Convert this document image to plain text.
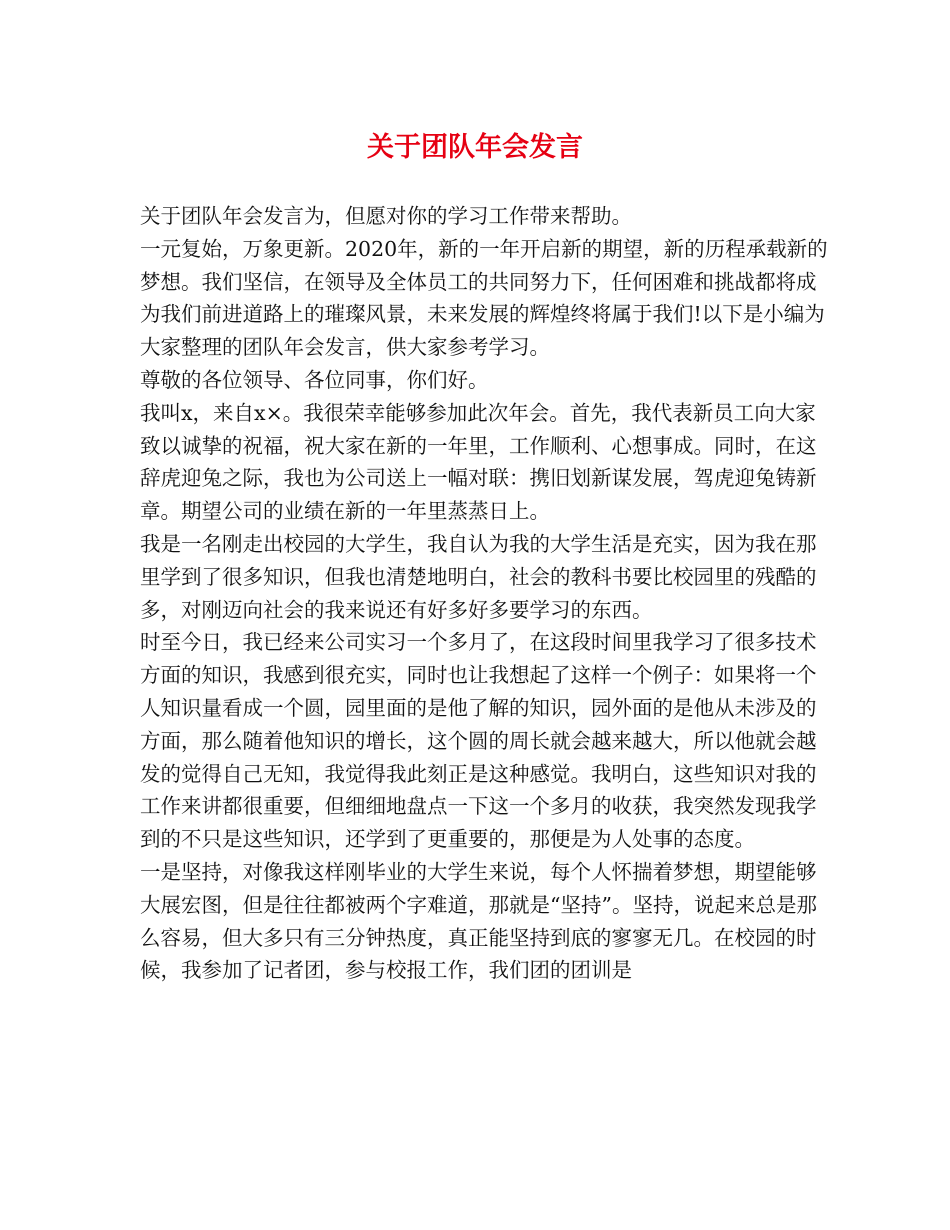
关于团队年会发言

关于团队年会发言为，但愿对你的学习工作带来帮助。

一元复始，万象更新。2020年，新的一年开启新的期望，新的历程承载新的梦想。我们坚信，在领导及全体员工的共同努力下，任何困难和挑战都将成为我们前进道路上的璀璨风景，未来发展的辉煌终将属于我们!以下是小编为大家整理的团队年会发言，供大家参考学习。

尊敬的各位领导、各位同事，你们好。

我叫x，来自x×。我很荣幸能够参加此次年会。首先，我代表新员工向大家致以诚挚的祝福，祝大家在新的一年里，工作顺利、心想事成。同时，在这辞虎迎兔之际，我也为公司送上一幅对联：携旧划新谋发展，驾虎迎兔铸新章。期望公司的业绩在新的一年里蒸蒸日上。

我是一名刚走出校园的大学生，我自认为我的大学生活是充实，因为我在那里学到了很多知识，但我也清楚地明白，社会的教科书要比校园里的残酷的多，对刚迈向社会的我来说还有好多好多要学习的东西。

时至今日，我已经来公司实习一个多月了，在这段时间里我学习了很多技术方面的知识，我感到很充实，同时也让我想起了这样一个例子：如果将一个人知识量看成一个圆，园里面的是他了解的知识，园外面的是他从未涉及的方面，那么随着他知识的增长，这个圆的周长就会越来越大，所以他就会越发的觉得自己无知，我觉得我此刻正是这种感觉。我明白，这些知识对我的工作来讲都很重要，但细细地盘点一下这一个多月的收获，我突然发现我学到的不只是这些知识，还学到了更重要的，那便是为人处事的态度。

一是坚持，对像我这样刚毕业的大学生来说，每个人怀揣着梦想，期望能够大展宏图，但是往往都被两个字难道，那就是“坚持”。坚持，说起来总是那么容易，但大多只有三分钟热度，真正能坚持到底的寥寥无几。在校园的时候，我参加了记者团，参与校报工作，我们团的团训是
